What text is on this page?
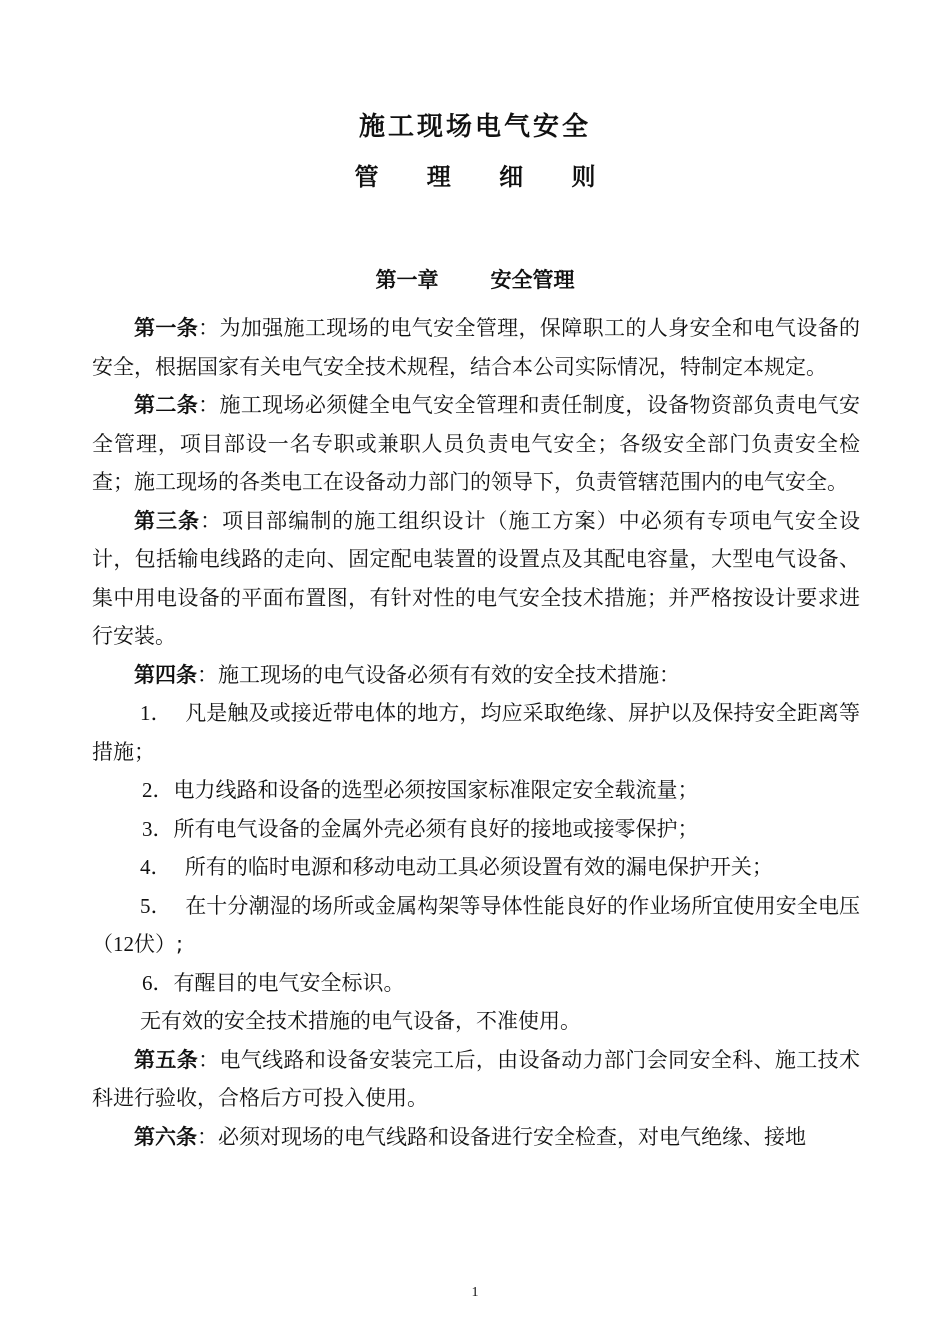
施工现场电气安全
管 理 细 则
第一章 安全管理

第一条：为加强施工现场的电气安全管理，保障职工的人身安全和电气设备的安全，根据国家有关电气安全技术规程，结合本公司实际情况，特制定本规定。

第二条：施工现场必须健全电气安全管理和责任制度，设备物资部负责电气安全管理，项目部设一名专职或兼职人员负责电气安全；各级安全部门负责安全检查；施工现场的各类电工在设备动力部门的领导下，负责管辖范围内的电气安全。

第三条：项目部编制的施工组织设计（施工方案）中必须有专项电气安全设计，包括输电线路的走向、固定配电装置的设置点及其配电容量，大型电气设备、集中用电设备的平面布置图，有针对性的电气安全技术措施；并严格按设计要求进行安装。

第四条：施工现场的电气设备必须有有效的安全技术措施：

1． 凡是触及或接近带电体的地方，均应采取绝缘、屏护以及保持安全距离等措施；

2．电力线路和设备的选型必须按国家标准限定安全载流量；

3．所有电气设备的金属外壳必须有良好的接地或接零保护；

4． 所有的临时电源和移动电动工具必须设置有效的漏电保护开关；

5． 在十分潮湿的场所或金属构架等导体性能良好的作业场所宜使用安全电压（12伏）;

6．有醒目的电气安全标识。

无有效的安全技术措施的电气设备，不准使用。

第五条：电气线路和设备安装完工后，由设备动力部门会同安全科、施工技术科进行验收，合格后方可投入使用。

第六条：必须对现场的电气线路和设备进行安全检查，对电气绝缘、接地

1
